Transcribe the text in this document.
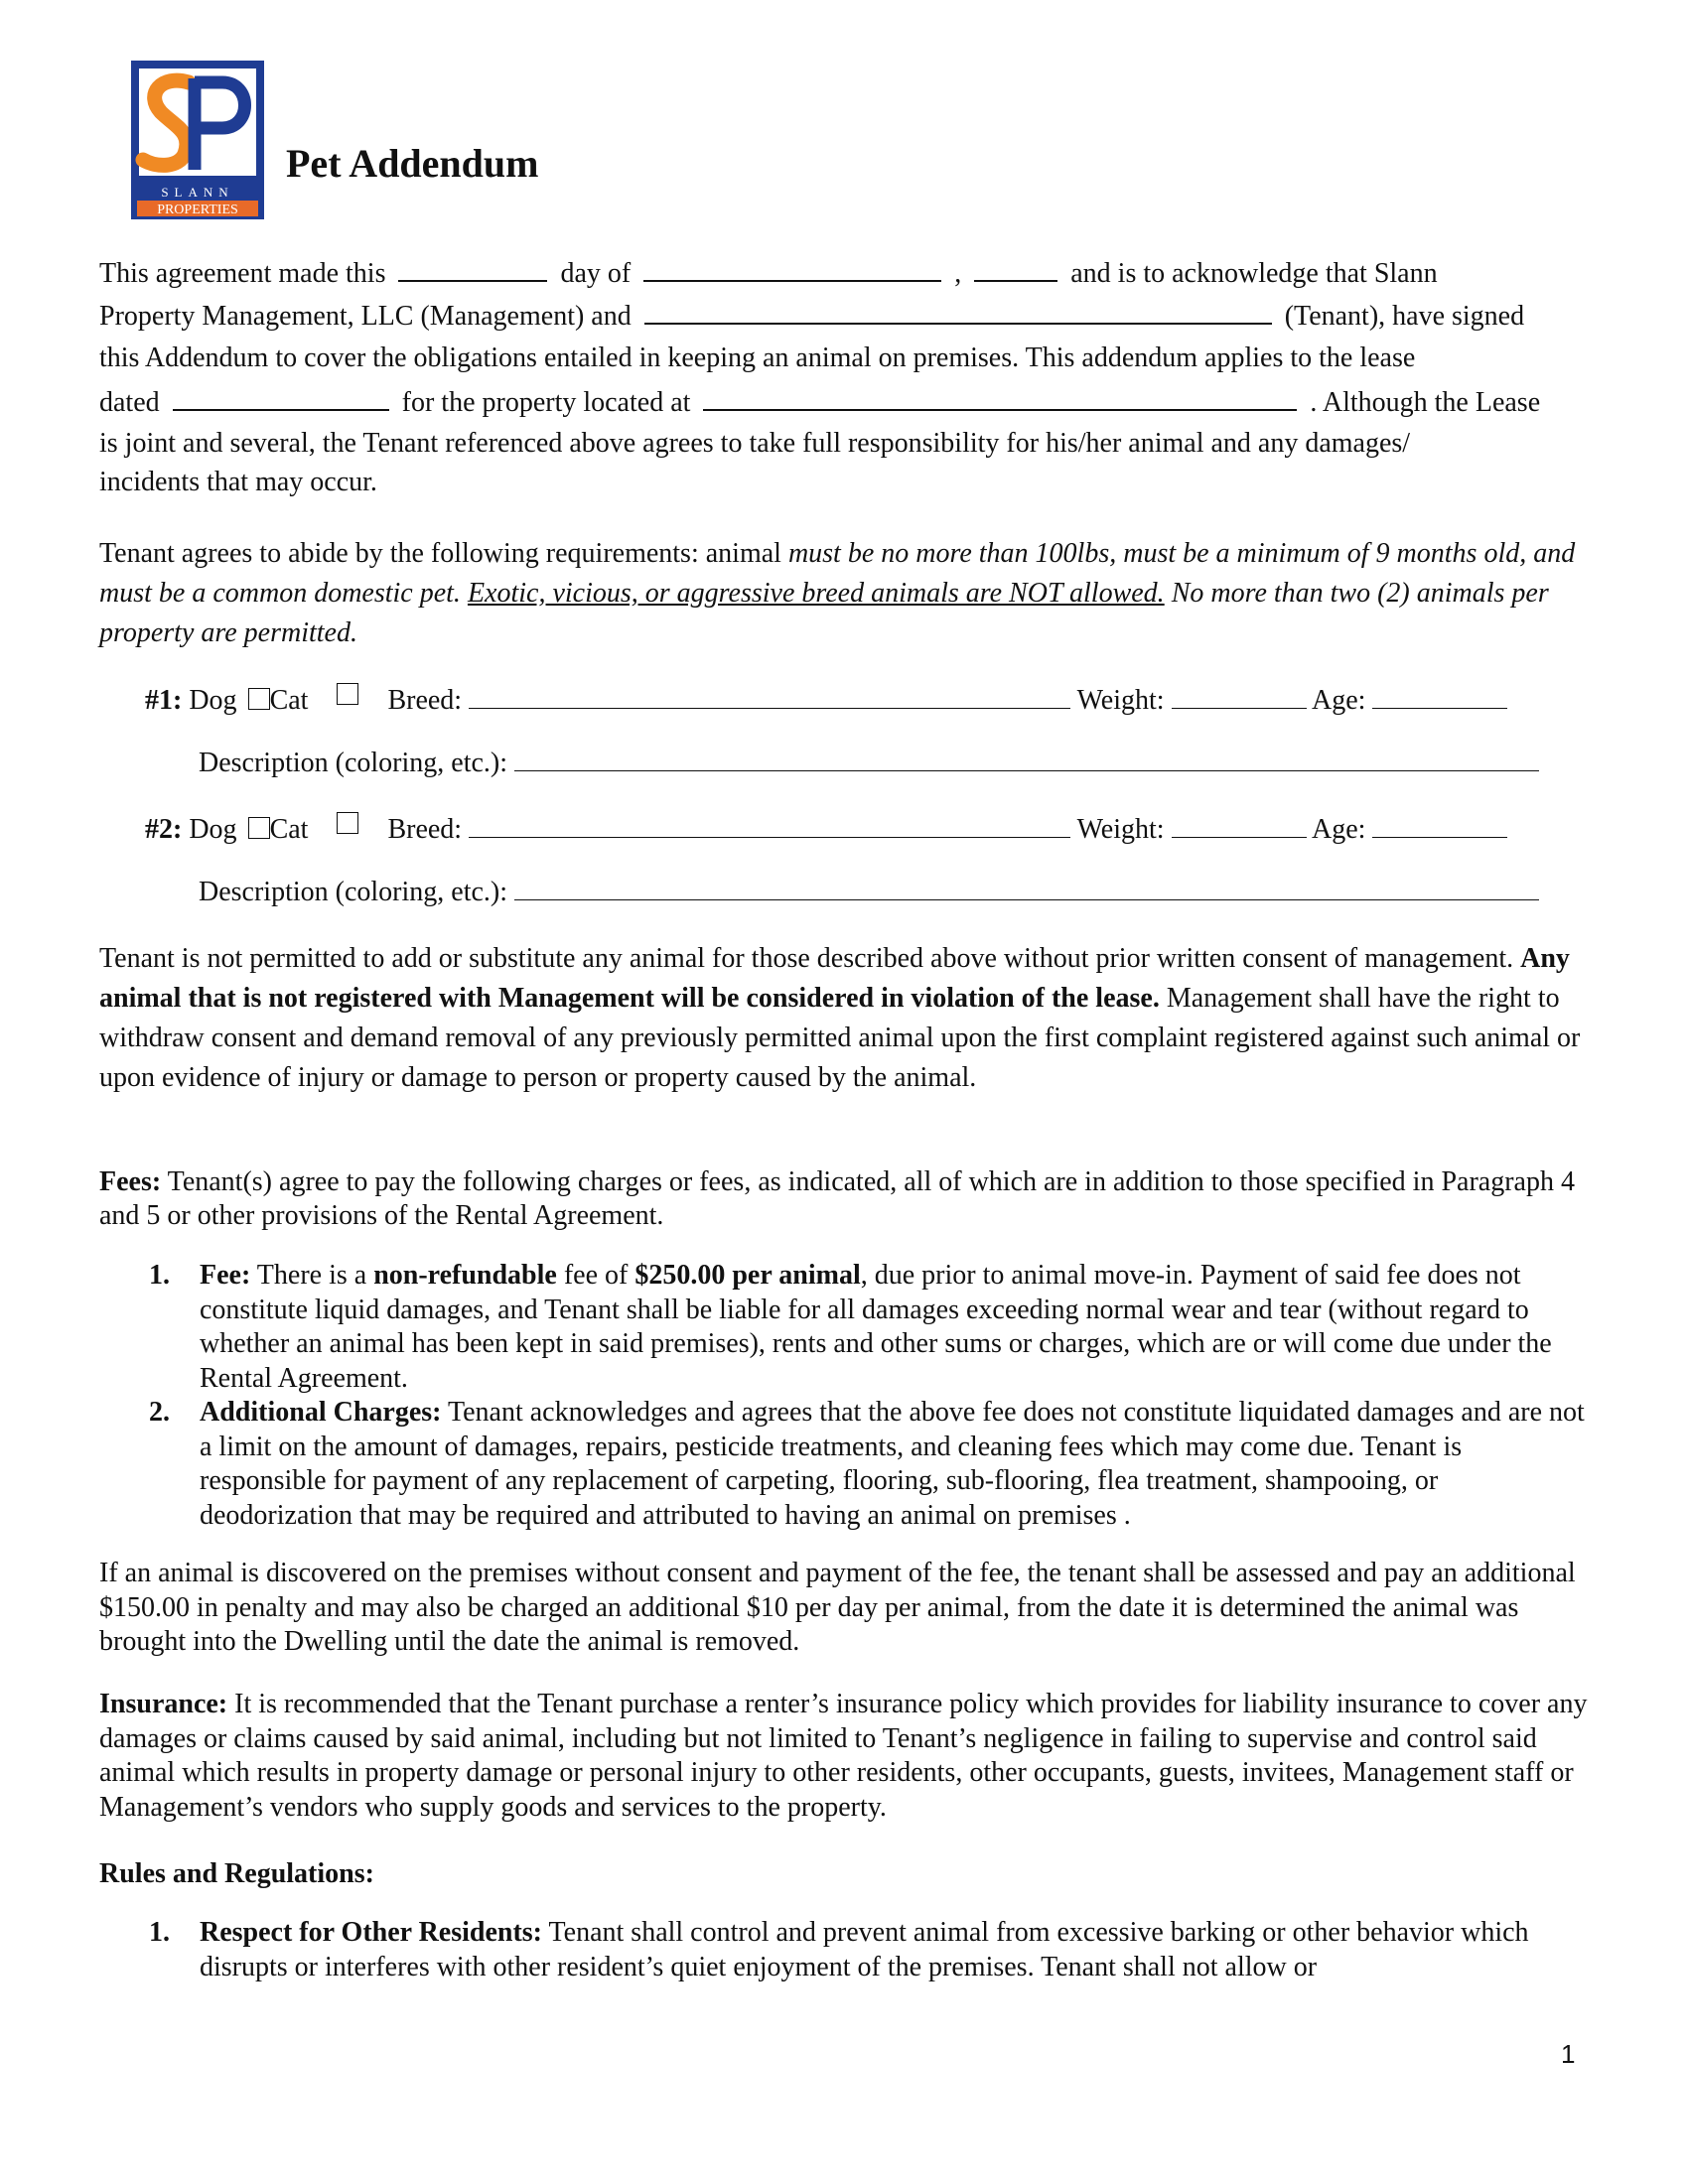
SLANN
PROPERTIES
Pet Addendum
This agreement made this	day of	,	and is to acknowledge that Slann
Property Management, LLC (Management) and	(Tenant), have signed
this Addendum to cover the obligations entailed in keeping an animal on premises. This addendum applies to the lease
dated	for the property located at	. Although the Lease
is joint and several, the Tenant referenced above agrees to take full responsibility for his/her animal and any damages/
incidents that may occur.
Tenant agrees to abide by the following requirements: animal must be no more than 100lbs, must be a minimum of 9 months old, and must be a common domestic pet. Exotic, vicious, or aggressive breed animals are NOT allowed. No more than two (2) animals per property are permitted.
#1: Dog Cat	Breed:	Weight:	Age:
Description (coloring, etc.):
#2: Dog Cat	Breed:	Weight:	Age:
Description (coloring, etc.):
Tenant is not permitted to add or substitute any animal for those described above without prior written consent of management. Any animal that is not registered with Management will be considered in violation of the lease. Management shall have the right to withdraw consent and demand removal of any previously permitted animal upon the first complaint registered against such animal or upon evidence of injury or damage to person or property caused by the animal.
Fees: Tenant(s) agree to pay the following charges or fees, as indicated, all of which are in addition to those specified in Paragraph 4 and 5 or other provisions of the Rental Agreement.
1. Fee: There is a non-refundable fee of $250.00 per animal, due prior to animal move-in. Payment of said fee does not constitute liquid damages, and Tenant shall be liable for all damages exceeding normal wear and tear (without regard to whether an animal has been kept in said premises), rents and other sums or charges, which are or will come due under the Rental Agreement.
2. Additional Charges: Tenant acknowledges and agrees that the above fee does not constitute liquidated damages and are not a limit on the amount of damages, repairs, pesticide treatments, and cleaning fees which may come due. Tenant is responsible for payment of any replacement of carpeting, flooring, sub-flooring, flea treatment, shampooing, or deodorization that may be required and attributed to having an animal on premises .
If an animal is discovered on the premises without consent and payment of the fee, the tenant shall be assessed and pay an additional $150.00 in penalty and may also be charged an additional $10 per day per animal, from the date it is determined the animal was brought into the Dwelling until the date the animal is removed.
Insurance: It is recommended that the Tenant purchase a renter’s insurance policy which provides for liability insurance to cover any damages or claims caused by said animal, including but not limited to Tenant’s negligence in failing to supervise and control said animal which results in property damage or personal injury to other residents, other occupants, guests, invitees, Management staff or Management’s vendors who supply goods and services to the property.
Rules and Regulations:
1. Respect for Other Residents: Tenant shall control and prevent animal from excessive barking or other behavior which disrupts or interferes with other resident’s quiet enjoyment of the premises. Tenant shall not allow or
1
